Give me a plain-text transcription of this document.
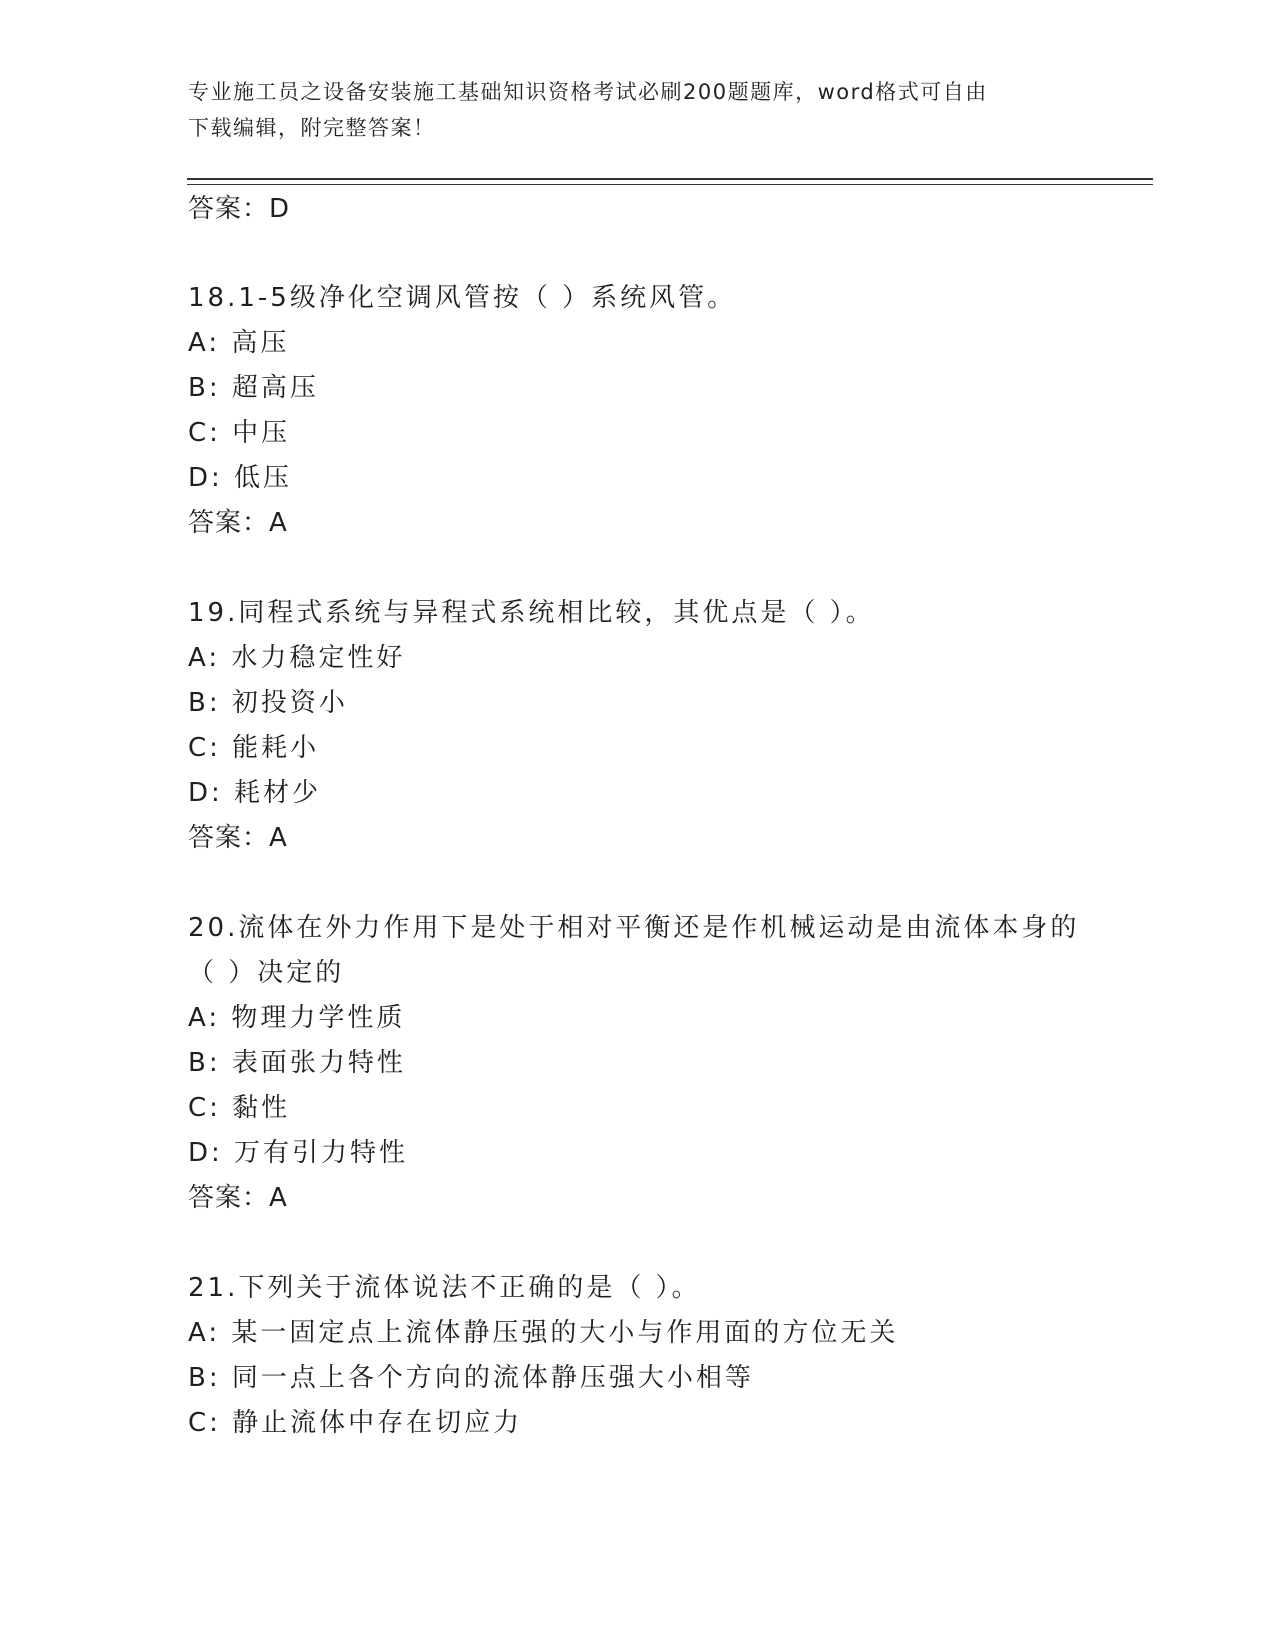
专业施工员之设备安装施工基础知识资格考试必刷200题题库，word格式可自由
下载编辑，附完整答案！
答案：D
18.1-5级净化空调风管按（ ）系统风管。
A: 高压
B: 超高压
C: 中压
D: 低压
答案：A
19.同程式系统与异程式系统相比较，其优点是（ ）。
A: 水力稳定性好
B: 初投资小
C: 能耗小
D: 耗材少
答案：A
20.流体在外力作用下是处于相对平衡还是作机械运动是由流体本身的
（ ）决定的
A: 物理力学性质
B: 表面张力特性
C: 黏性
D: 万有引力特性
答案：A
21.下列关于流体说法不正确的是（ ）。
A: 某一固定点上流体静压强的大小与作用面的方位无关
B: 同一点上各个方向的流体静压强大小相等
C: 静止流体中存在切应力
